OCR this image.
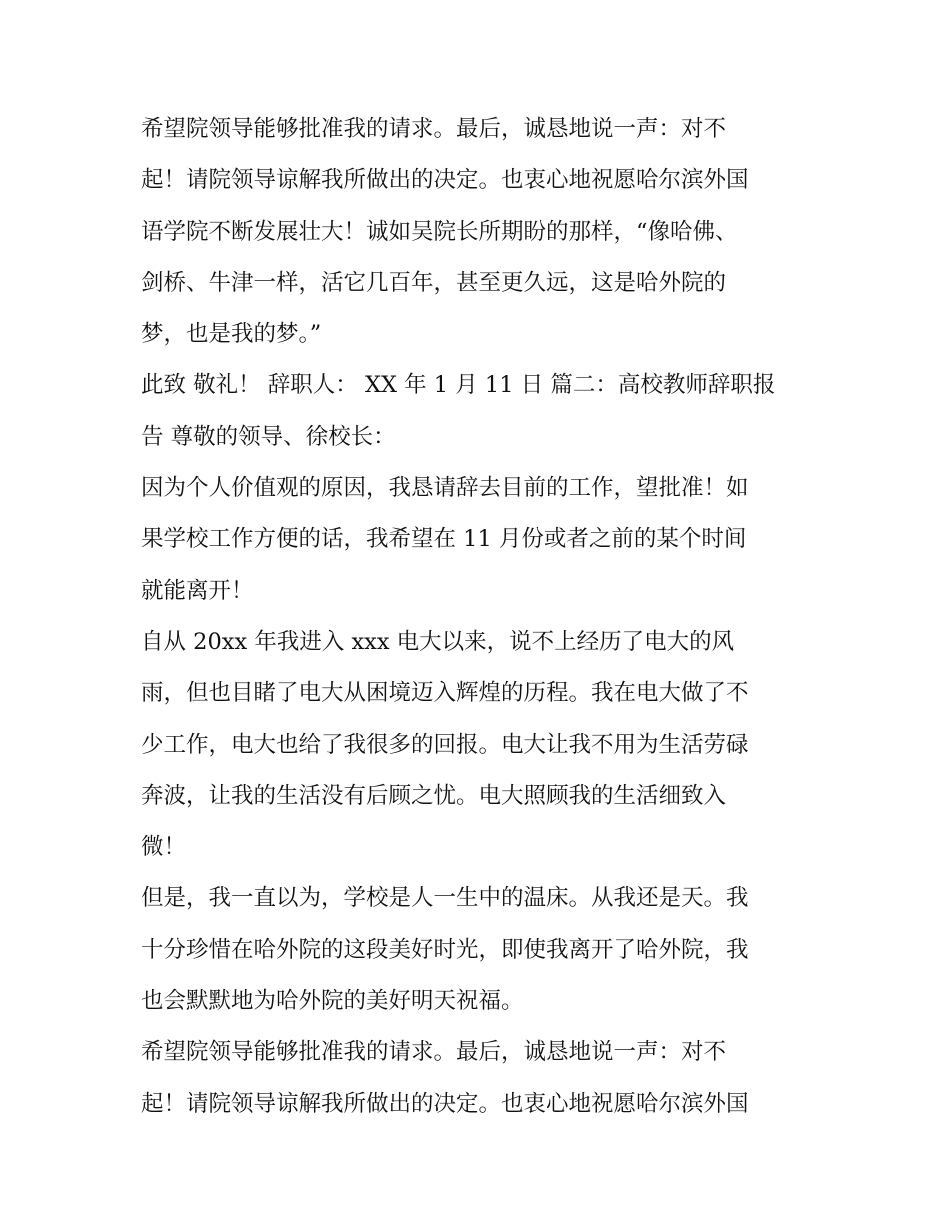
希望院领导能够批准我的请求。最后，诚恳地说一声：对不
起！请院领导谅解我所做出的决定。也衷心地祝愿哈尔滨外国
语学院不断发展壮大！诚如吴院长所期盼的那样，“像哈佛、
剑桥、牛津一样，活它几百年，甚至更久远，这是哈外院的
梦，也是我的梦。”
此致 敬礼！ 辞职人： XX 年 1 月 11 日 篇二：高校教师辞职报
告 尊敬的领导、徐校长：
因为个人价值观的原因，我恳请辞去目前的工作，望批准！如
果学校工作方便的话，我希望在 11 月份或者之前的某个时间
就能离开！
自从 20xx 年我进入 xxx 电大以来，说不上经历了电大的风
雨，但也目睹了电大从困境迈入辉煌的历程。我在电大做了不
少工作，电大也给了我很多的回报。电大让我不用为生活劳碌
奔波，让我的生活没有后顾之忧。电大照顾我的生活细致入
微！
但是，我一直以为，学校是人一生中的温床。从我还是天。我
十分珍惜在哈外院的这段美好时光，即使我离开了哈外院，我
也会默默地为哈外院的美好明天祝福。
希望院领导能够批准我的请求。最后，诚恳地说一声：对不
起！请院领导谅解我所做出的决定。也衷心地祝愿哈尔滨外国
